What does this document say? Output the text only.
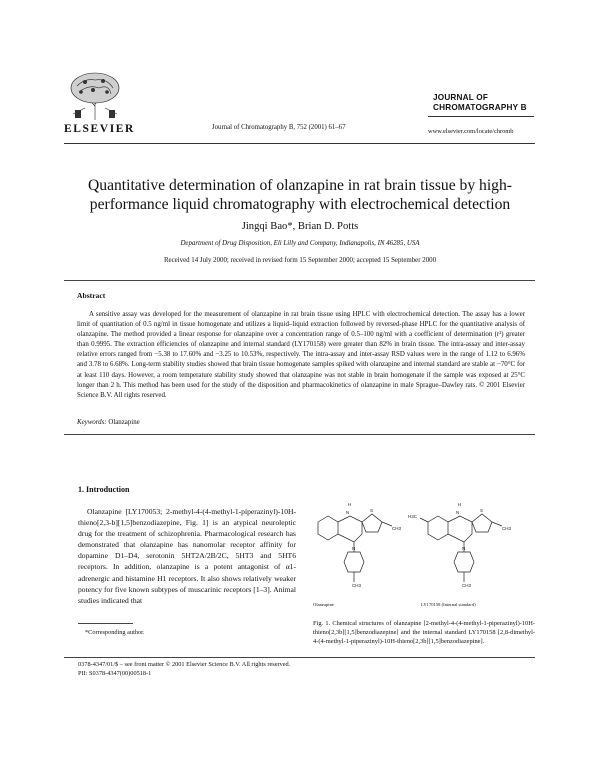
ELSEVIER	Journal of Chromatography B, 752 (2001) 61–67
JOURNAL OF
CHROMATOGRAPHY B
www.elsevier.com/locate/chromb
Quantitative determination of olanzapine in rat brain tissue by high-
performance liquid chromatography with electrochemical detection
Jingqi Bao*, Brian D. Potts
Department of Drug Disposition, Eli Lilly and Company, Indianapolis, IN 46285, USA
Received 14 July 2000; received in revised form 15 September 2000; accepted 15 September 2000
Abstract
A sensitive assay was developed for the measurement of olanzapine in rat brain tissue using HPLC with electrochemical detection. The assay has a lower limit of quantitation of 0.5 ng/ml in tissue homogenate and utilizes a liquid–liquid extraction followed by reversed-phase HPLC for the quantitative analysis of olanzapine. The method provided a linear response for olanzapine over a concentration range of 0.5–100 ng/ml with a coefficient of determination (r²) greater than 0.9995. The extraction efficiencies of olanzapine and internal standard (LY170158) were greater than 82% in brain tissue. The intra-assay and inter-assay relative errors ranged from −5.38 to 17.60% and −3.25 to 10.53%, respectively. The intra-assay and inter-assay RSD values were in the range of 1.12 to 6.96% and 3.78 to 6.68%. Long-term stability studies showed that brain tissue homogenate samples spiked with olanzapine and internal standard are stable at −70°C for at least 110 days. However, a room temperature stability study showed that olanzapine was not stable in brain homogenate if the sample was exposed at 25°C longer than 2 h. This method has been used for the study of the disposition and pharmacokinetics of olanzapine in male Sprague–Dawley rats. © 2001 Elsevier Science B.V. All rights reserved.
Keywords: Olanzapine
1. Introduction
Olanzapine [LY170053; 2-methyl-4-(4-methyl-1-piperazinyl)-10H-thieno[2,3-b][1,5]benzodiazepine, Fig. 1] is an atypical neuroleptic drug for the treatment of schizophrenia. Pharmacological research has demonstrated that olanzapine has nanomolar receptor affinity for dopamine D1–D4, serotonin 5HT2A/2B/2C, 5HT3 and 5HT6 receptors. In addition, olanzapine is a potent antagonist of α1-adrenergic and histamine H1 receptors. It also shows relatively weaker potency for five known subtypes of muscarinic receptors [1–3]. Animal studies indicated that
*Corresponding author.
H
N	S
CH3
N
CH3
H
N	S
CH3
H3C
N
CH3
Olanzapine	LY170158 (Internal standard)
Fig. 1. Chemical structures of olanzapine [2-methyl-4-(4-methyl-1-piperazinyl)-10H-thieno[2,3b][1,5]benzodiazepine] and the internal standard LY170158 [2,8-dimethyl-4-(4-methyl-1-piperazinyl)-10H-thieno[2,3b][1,5]benzodiazepine].
0378-4347/01/$ – see front matter © 2001 Elsevier Science B.V. All rights reserved.
PII: S0378-4347(00)00518-1
